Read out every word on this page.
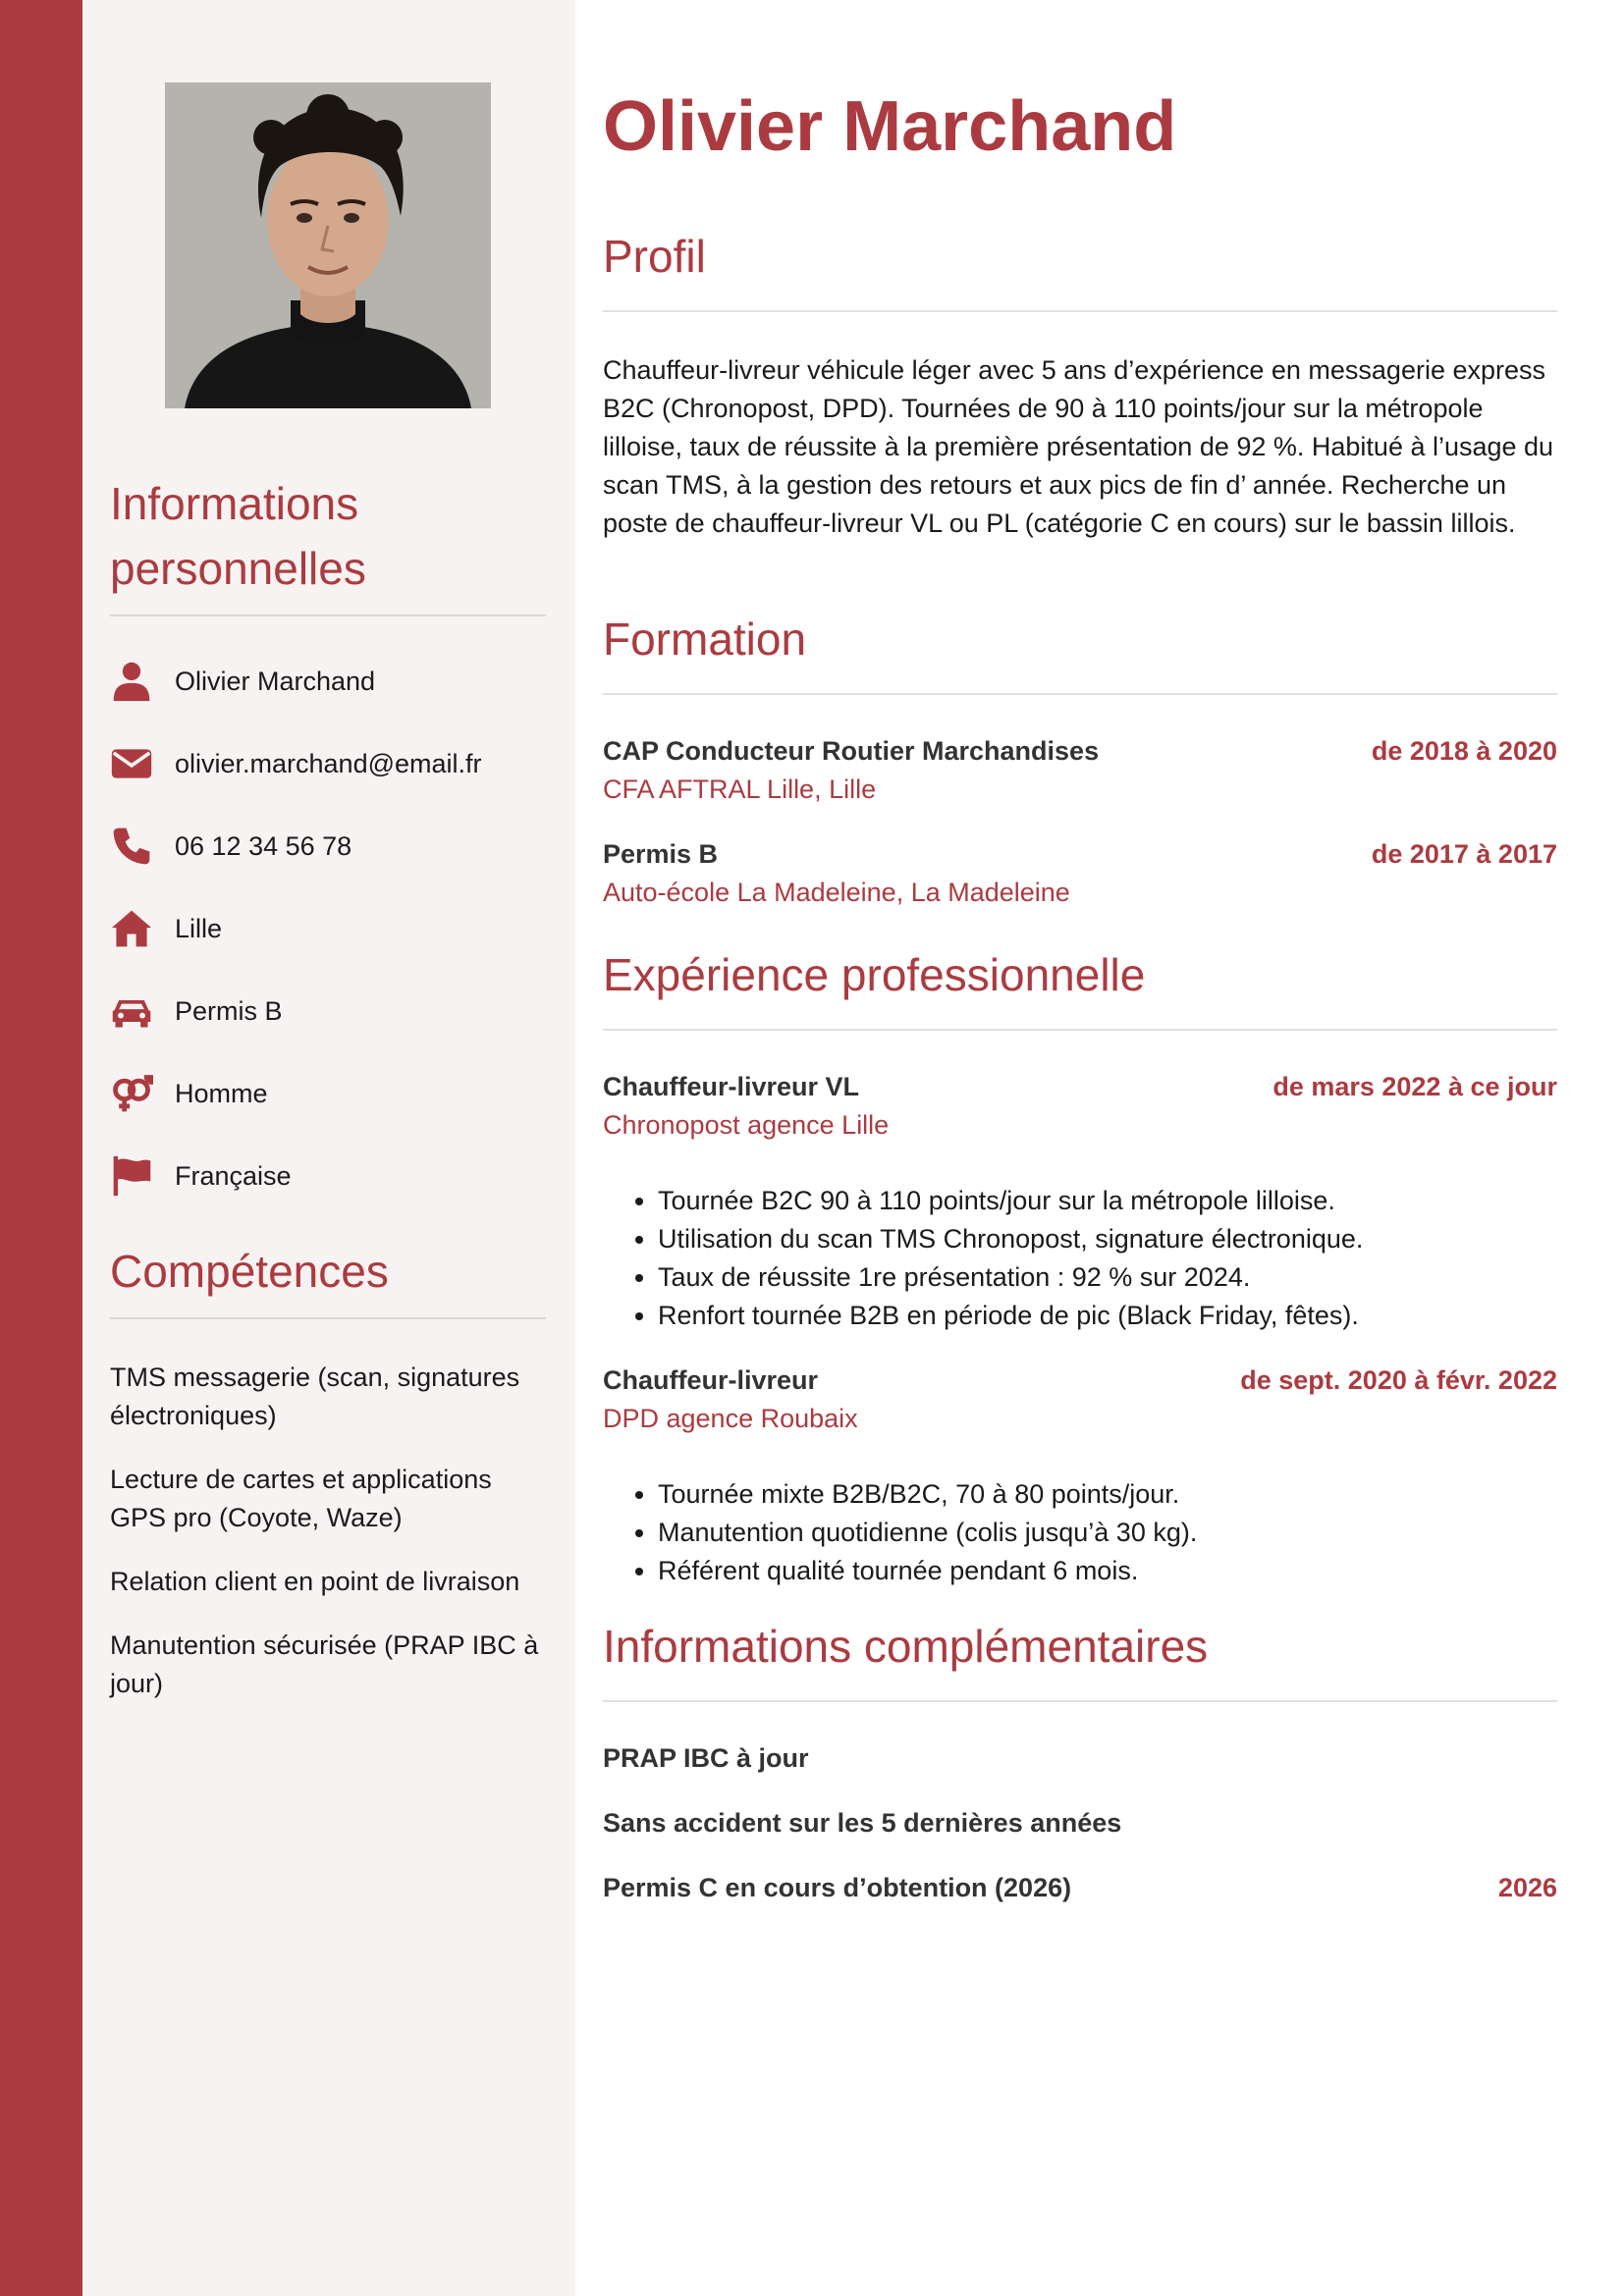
Informations personnelles
Olivier Marchand
olivier.marchand@email.fr
06 12 34 56 78
Lille
Permis B
Homme
Française
Compétences
TMS messagerie (scan, signatures électroniques)
Lecture de cartes et applications GPS pro (Coyote, Waze)
Relation client en point de livraison
Manutention sécurisée (PRAP IBC à jour)
Olivier Marchand
Profil

Chauffeur-livreur véhicule léger avec 5 ans d’expérience en messagerie express B2C (Chronopost, DPD). Tournées de 90 à 110 points/jour sur la métropole lilloise, taux de réussite à la première présentation de 92 %. Habitué à l’usage du scan TMS, à la gestion des retours et aux pics de fin d’ année. Recherche un poste de chauffeur-livreur VL ou PL (catégorie C en cours) sur le bassin lillois.

Formation
CAP Conducteur Routier Marchandises	de 2018 à 2020
CFA AFTRAL Lille, Lille
Permis B	de 2017 à 2017
Auto-école La Madeleine, La Madeleine
Expérience professionnelle
Chauffeur-livreur VL	de mars 2022 à ce jour
Chronopost agence Lille
• Tournée B2C 90 à 110 points/jour sur la métropole lilloise.
• Utilisation du scan TMS Chronopost, signature électronique.
• Taux de réussite 1re présentation : 92 % sur 2024.
• Renfort tournée B2B en période de pic (Black Friday, fêtes).
Chauffeur-livreur	de sept. 2020 à févr. 2022
DPD agence Roubaix
• Tournée mixte B2B/B2C, 70 à 80 points/jour.
• Manutention quotidienne (colis jusqu’à 30 kg).
• Référent qualité tournée pendant 6 mois.
Informations complémentaires
PRAP IBC à jour
Sans accident sur les 5 dernières années
Permis C en cours d’obtention (2026)	2026
